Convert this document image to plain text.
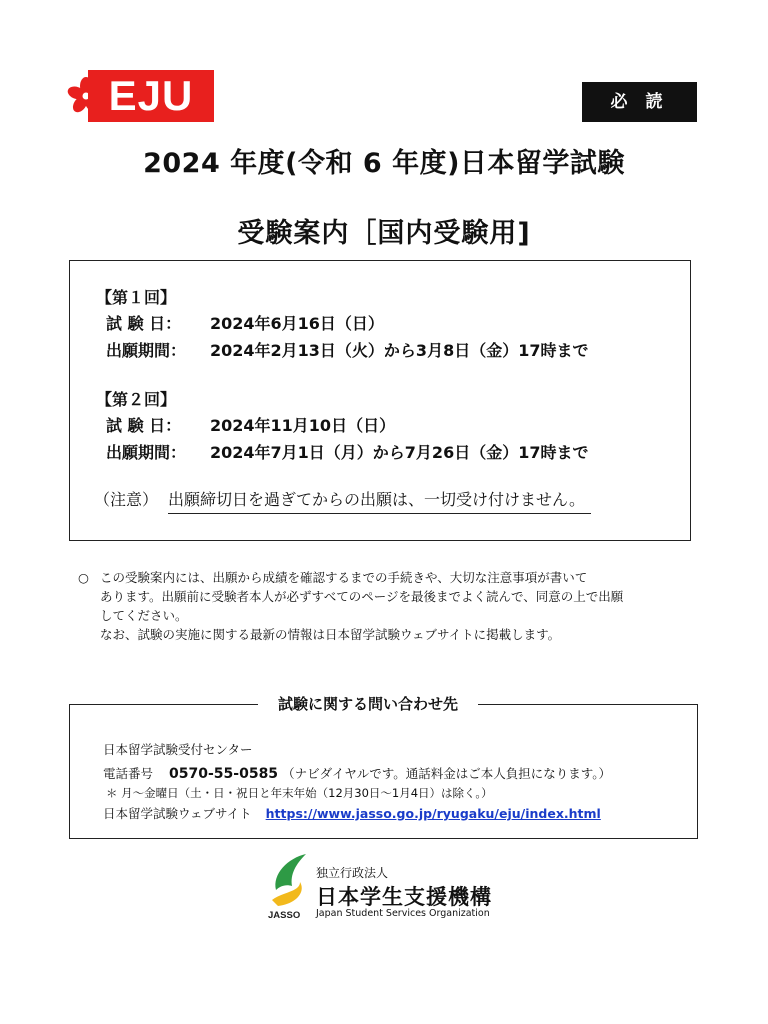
EJU	必 読
2024 年度(令和 6 年度)日本留学試験
受験案内［国内受験用]
【第１回】
試 験 日： 2024年6月16日（日）
出願期間： 2024年2月13日（火）から3月8日（金）17時まで
【第２回】
試 験 日： 2024年11月10日（日）
出願期間： 2024年7月1日（月）から7月26日（金）17時まで
（注意） 出願締切日を過ぎてからの出願は、一切受け付けません。
○ この受験案内には、出願から成績を確認するまでの手続きや、大切な注意事項が書いて
あります。出願前に受験者本人が必ずすべてのページを最後までよく読んで、同意の上で出願
してください。
なお、試験の実施に関する最新の情報は日本留学試験ウェブサイトに掲載します。
試験に関する問い合わせ先
日本留学試験受付センター
電話番号 0570-55-0585 （ナビダイヤルです。通話料金はご本人負担になります。）
＊ 月～金曜日（土・日・祝日と年末年始（12月30日～1月4日）は除く。）
日本留学試験ウェブサイト https://www.jasso.go.jp/ryugaku/eju/index.html
JASSO
独立行政法人
日本学生支援機構
Japan Student Services Organization
